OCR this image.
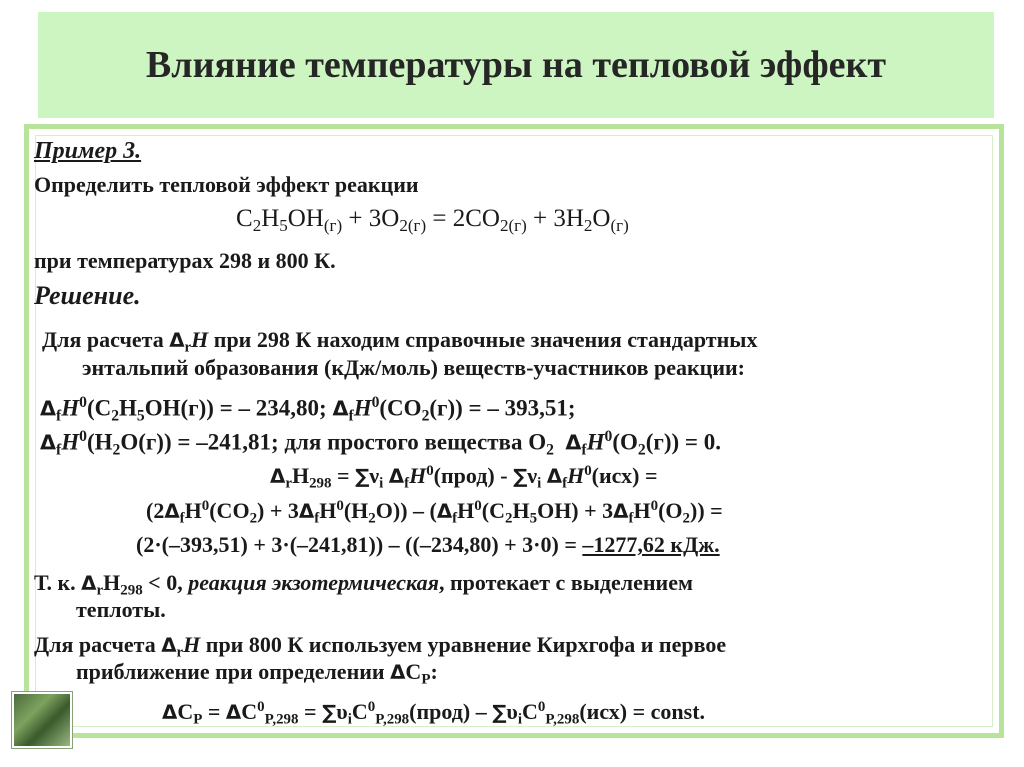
Влияние температуры на тепловой эффект
Пример 3.
Определить тепловой эффект реакции
$C_2H_5OH_{(г)} + 3O_{2(г)} = 2CO_{2(г)} + 3H_2O_{(г)}$
при температурах 298 и 800 К.
Решение.
Для расчета $\Delta_rH$ при 298 К находим справочные значения стандартных
энтальпий образования (кДж/моль) веществ-участников реакции:
$\Delta_fH^0(C_2H_5OH(г))$ = – 234,80; $\Delta_fH^0(CO_2(г))$ = – 393,51;
$\Delta_fH^0(H_2O(г)) = -241,81$; для простого вещества $O_2$ $\Delta_fH^0(O_2(г)) = 0$.
$\Delta_rH_{298} = \sum\nu_i$ $\Delta_fH^0(прод) - \sum\nu_i$ $\Delta_fH^0(исх)$ =
$(2\Delta_fH^0(CO_2) + 3\Delta_fH^0(H_2O)) - (\Delta_fH^0(C_2H_5OH) + 3\Delta_fH^0(O_2))$ =
(2·(–393,51) + 3·(–241,81)) – ((–234,80) + 3·0) = –1277,62 кДж.
Т. к. $\Delta_rH_{298} < 0$, реакция экзотермическая, протекает с выделением
теплоты.
Для расчета $\Delta_rH$ при 800 К используем уравнение Кирхгофа и первое
приближение при определении $\Delta C_P$:
$\Delta C_P = \Delta C^0_{P,298}$ = $\sum\upsilon_iC^0_{P,298}(прод) - \sum\upsilon_iC^0_{P,298}(исх)$ = const.
